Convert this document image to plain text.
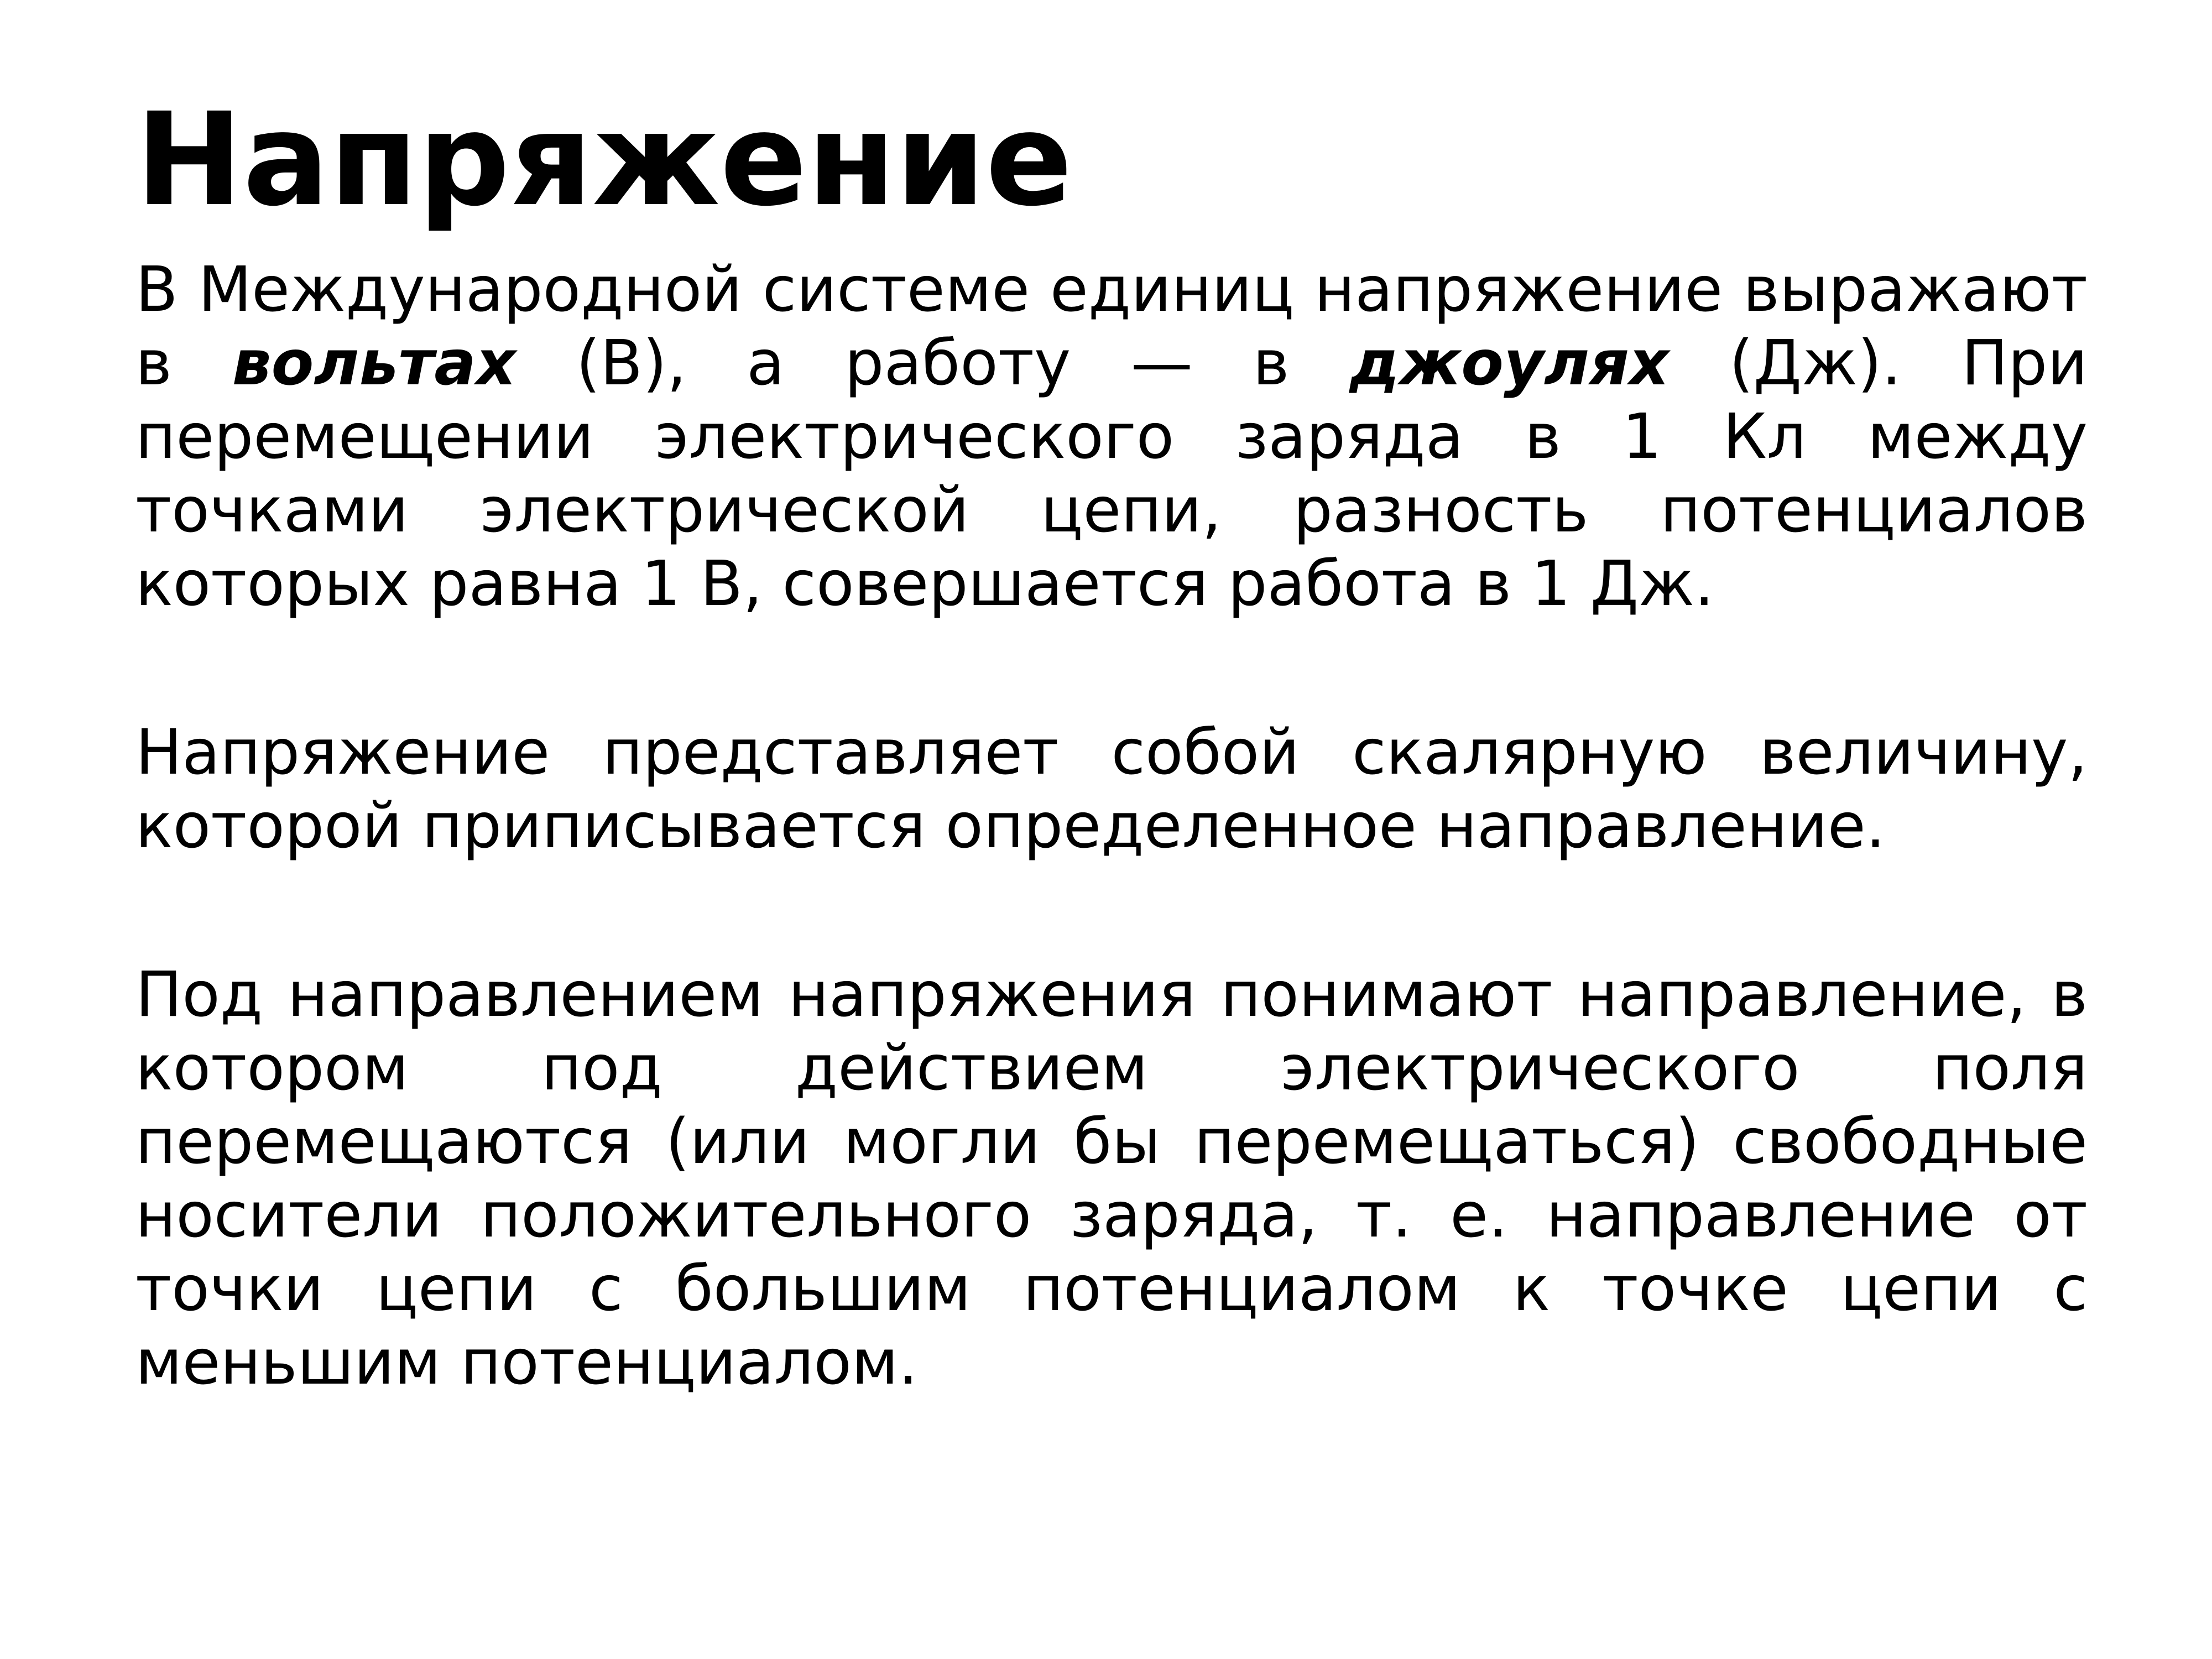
Напряжение

В Международной системе единиц напряжение выражают в вольтах (В), а работу — в джоулях (Дж). При перемещении электрического заряда в 1 Кл между точками электрической цепи, разность потенциалов которых равна 1 В, совершается работа в 1 Дж.

Напряжение представляет собой скалярную величину, которой приписывается определенное направление.

Под направлением напряжения понимают направление, в котором под действием электрического поля перемещаются (или могли бы перемещаться) свободные носители положительного заряда, т. е. направление от точки цепи с большим потенциалом к точке цепи с меньшим потенциалом.
